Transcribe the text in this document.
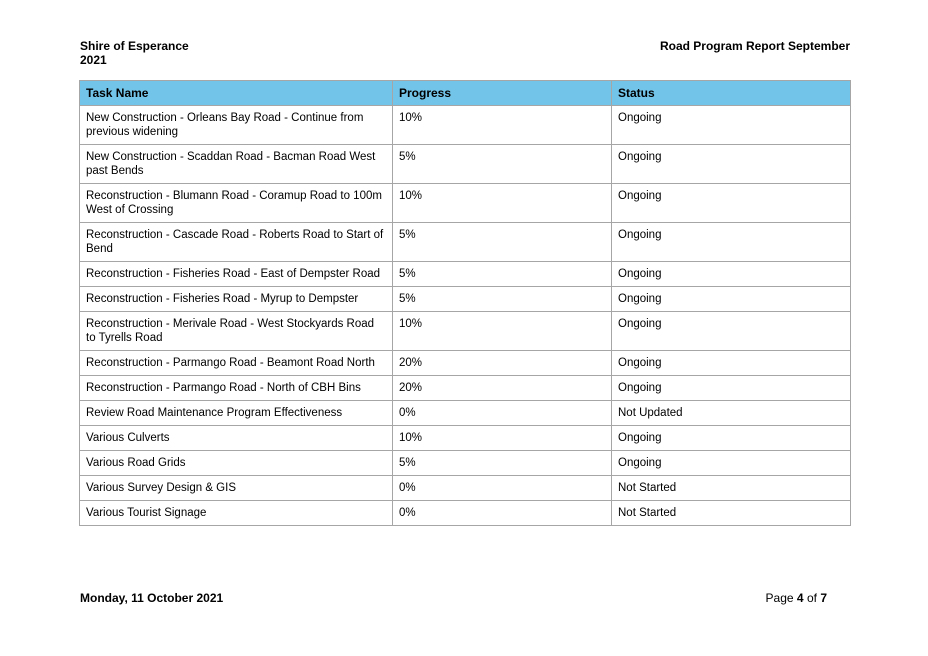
Shire of Esperance
2021
Road Program Report September
Task Name	Progress	Status
New Construction - Orleans Bay Road - Continue from previous widening	10%	Ongoing
New Construction - Scaddan Road - Bacman Road West past Bends	5%	Ongoing
Reconstruction - Blumann Road - Coramup Road to 100m West of Crossing	10%	Ongoing
Reconstruction - Cascade Road - Roberts Road to Start of Bend	5%	Ongoing
Reconstruction - Fisheries Road - East of Dempster Road	5%	Ongoing
Reconstruction - Fisheries Road - Myrup to Dempster	5%	Ongoing
Reconstruction - Merivale Road - West Stockyards Road to Tyrells Road	10%	Ongoing
Reconstruction - Parmango Road - Beamont Road North	20%	Ongoing
Reconstruction - Parmango Road - North of CBH Bins	20%	Ongoing
Review Road Maintenance Program Effectiveness	0%	Not Updated
Various Culverts	10%	Ongoing
Various Road Grids	5%	Ongoing
Various Survey Design & GIS	0%	Not Started
Various Tourist Signage	0%	Not Started
Monday, 11 October 2021	Page 4 of 7
